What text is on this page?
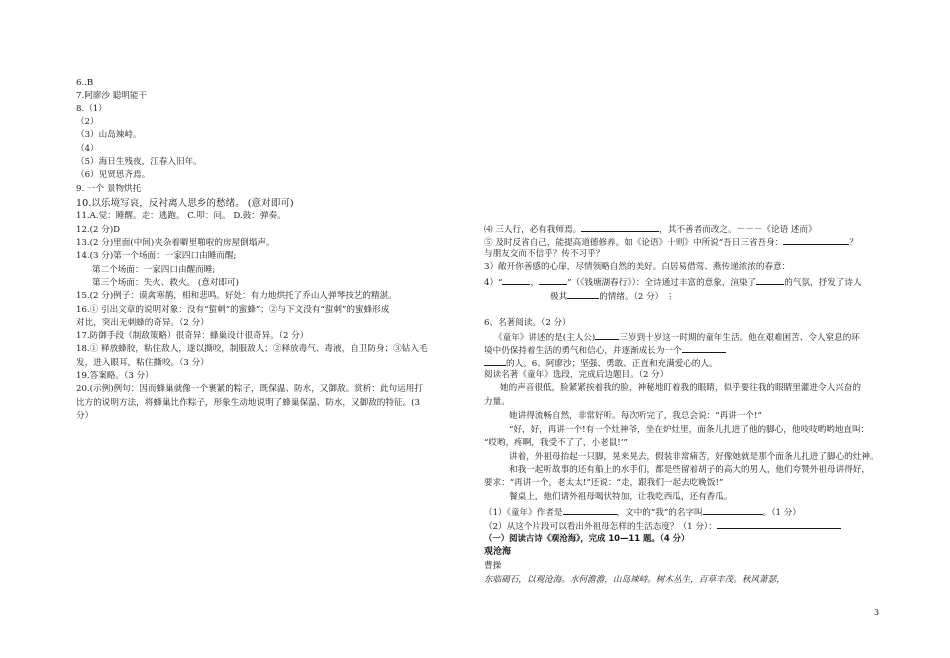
6..B
7.阿廖沙 聪明能干
8.（1）
（2）
（3）山岛竦峙。
（4）
（5）海日生残夜，江春入旧年。
（6）见贤思齐焉。
9. 一个 景物烘托
10.以乐境写哀，反衬离人思乡的愁绪。 (意对即可)
11.A.觉：睡醒。走：逃跑。 C.叩：问。 D.鼓：弹奏。
12.(2 分)D
13.(2 分)里面(中间)夹杂着噼里啪啦的房屋倒塌声。
14.(3 分)第一个场面：一家四口由睡而醒;
第二个场面：一家四口由醒而睡;
第三个场面：失火、救火。 (意对即可)
15.(2 分)例子：谟禽寒鹊，相和悲鸣。好处：有力地烘托了乔山人弹琴技艺的精湛。
16.① 引出文章的说明对象：没有“蜇刺”的蜜蜂”；②与下文没有“蜇刺”的蜜蜂形成
对比，突出无刺蜂的奇异。（2 分）
17.防御手段（制敌策略）很奇异：蜂巢设计很奇异。（2 分）
18.① 释放蜂胶，粘住敌人，遂以撕咬，制服敌人；②释放毒气、毒液，自卫防身；③钻入毛
发，进入眼耳，粘住撕咬。（3 分）
19.答案略。（3 分）
20.(示例)例句：因而蜂巢就像一个裹紧的粽子，既保温、防水，又御敌。赏析：此句运用打
比方的说明方法，将蜂巢比作粽子，形象生动地说明了蜂巢保温、防水，又御敌的特征。(3
分）
⑷ 三人行，必有我师焉。	，其不善者而改之。－－－《论语 述而》
⑤ 及时反省自己，能提高道德修养。如《论语》十则》中所说“吾日三省吾身：	？
与朋友交而不信乎？传不习乎？
3）敞开你善感的心扉，尽情领略自然的美好。白居易借莺、燕传递浓浓的春意：
4）“	，	”（《钱塘湖春行》）：全诗通过丰富的意象，渲染了	的气氛，抒发了诗人
极其	的情绪。（2 分） ⋮
6、名著阅读。（2 分）
《童年》讲述的是(主人公)	三岁到十岁这一时期的童年生活。他在艰难困苦、令人窒息的环
境中仍保持着生活的勇气和信心，并逐渐成长为一个
的人。6、阿廖沙；坚强、勇敢、正直和充满爱心的人。
阅读名著《童年》选段，完成后边题目。（2 分）
她的声音很低，脸紧紧挨着我的脸，神秘地盯着我的眼睛，似乎要往我的眼睛里灌进令人兴奋的
力量。
她讲得流畅自然，非常好听。每次听完了，我总会说：“再讲一个!”
“好，好，再讲一个!有一个灶神爷，坐在炉灶里，面条儿扎进了他的脚心，他吱吱哟哟地直叫：
“哎哟，疼啊，我受不了了，小老鼠!’”
讲着，外祖母抬起一只脚，晃来晃去，假装非常痛苦，好像她就是那个面条儿扎进了脚心的灶神。
和我一起听故事的还有船上的水手们，都是些留着胡子的高大的男人，他们夸赞外祖母讲得好，
要求：“再讲一个，老太太!”还说：“走，跟我们一起去吃晚饭!”
餐桌上，他们请外祖母喝伏特加，让我吃西瓜，还有香瓜。
（1）《童年》作者是	，文中的“我”的名字叫	。（1 分）
（2）从这个片段可以看出外祖母怎样的生活态度？（1 分）：
（一）阅读古诗《观沧海》，完成 10—11 题。（4 分）
观沧海
曹操
东临碣石，以观沧海。水何澹澹，山岛竦峙。树木丛生，百草丰茂。秋风萧瑟，
3
